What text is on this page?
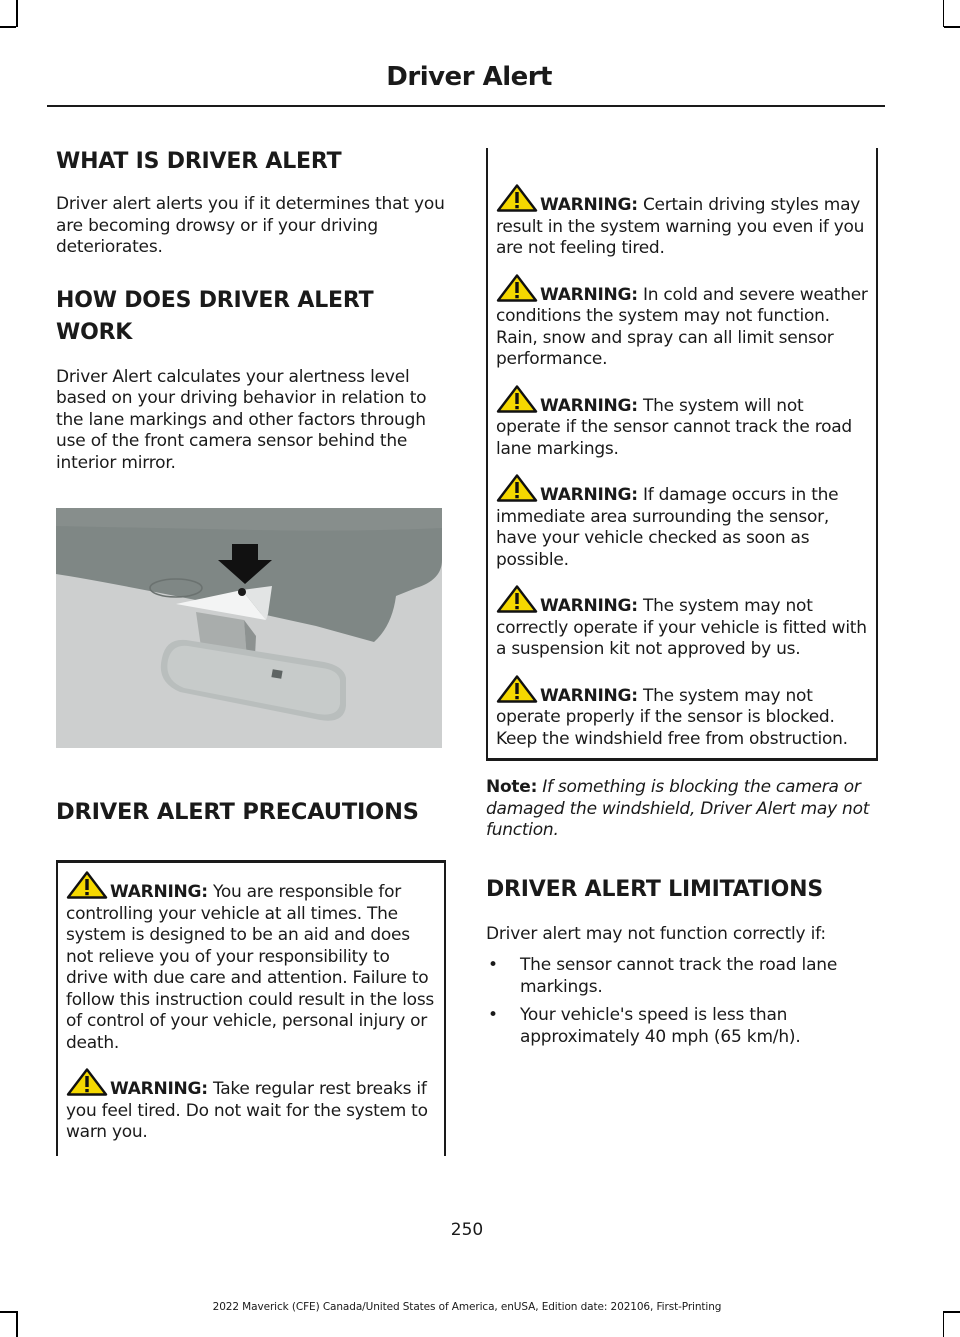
Driver Alert
WHAT IS DRIVER ALERT

Driver alert alerts you if it determines that you are becoming drowsy or if your driving deteriorates.

HOW DOES DRIVER ALERT WORK

Driver Alert calculates your alertness level based on your driving behavior in relation to the lane markings and other factors through use of the front camera sensor behind the interior mirror.

DRIVER ALERT PRECAUTIONS

WARNING: You are responsible for controlling your vehicle at all times. The system is designed to be an aid and does not relieve you of your responsibility to drive with due care and attention. Failure to follow this instruction could result in the loss of control of your vehicle, personal injury or death.

WARNING: Take regular rest breaks if you feel tired. Do not wait for the system to warn you.

WARNING: Certain driving styles may result in the system warning you even if you are not feeling tired.

WARNING: In cold and severe weather conditions the system may not function. Rain, snow and spray can all limit sensor performance.

WARNING: The system will not operate if the sensor cannot track the road lane markings.

WARNING: If damage occurs in the immediate area surrounding the sensor, have your vehicle checked as soon as possible.

WARNING: The system may not correctly operate if your vehicle is fitted with a suspension kit not approved by us.

WARNING: The system may not operate properly if the sensor is blocked. Keep the windshield free from obstruction.

Note: If something is blocking the camera or damaged the windshield, Driver Alert may not function.

DRIVER ALERT LIMITATIONS

Driver alert may not function correctly if:

• The sensor cannot track the road lane markings.
• Your vehicle's speed is less than approximately 40 mph (65 km/h).
250
2022 Maverick (CFE) Canada/United States of America, enUSA, Edition date: 202106, First-Printing
